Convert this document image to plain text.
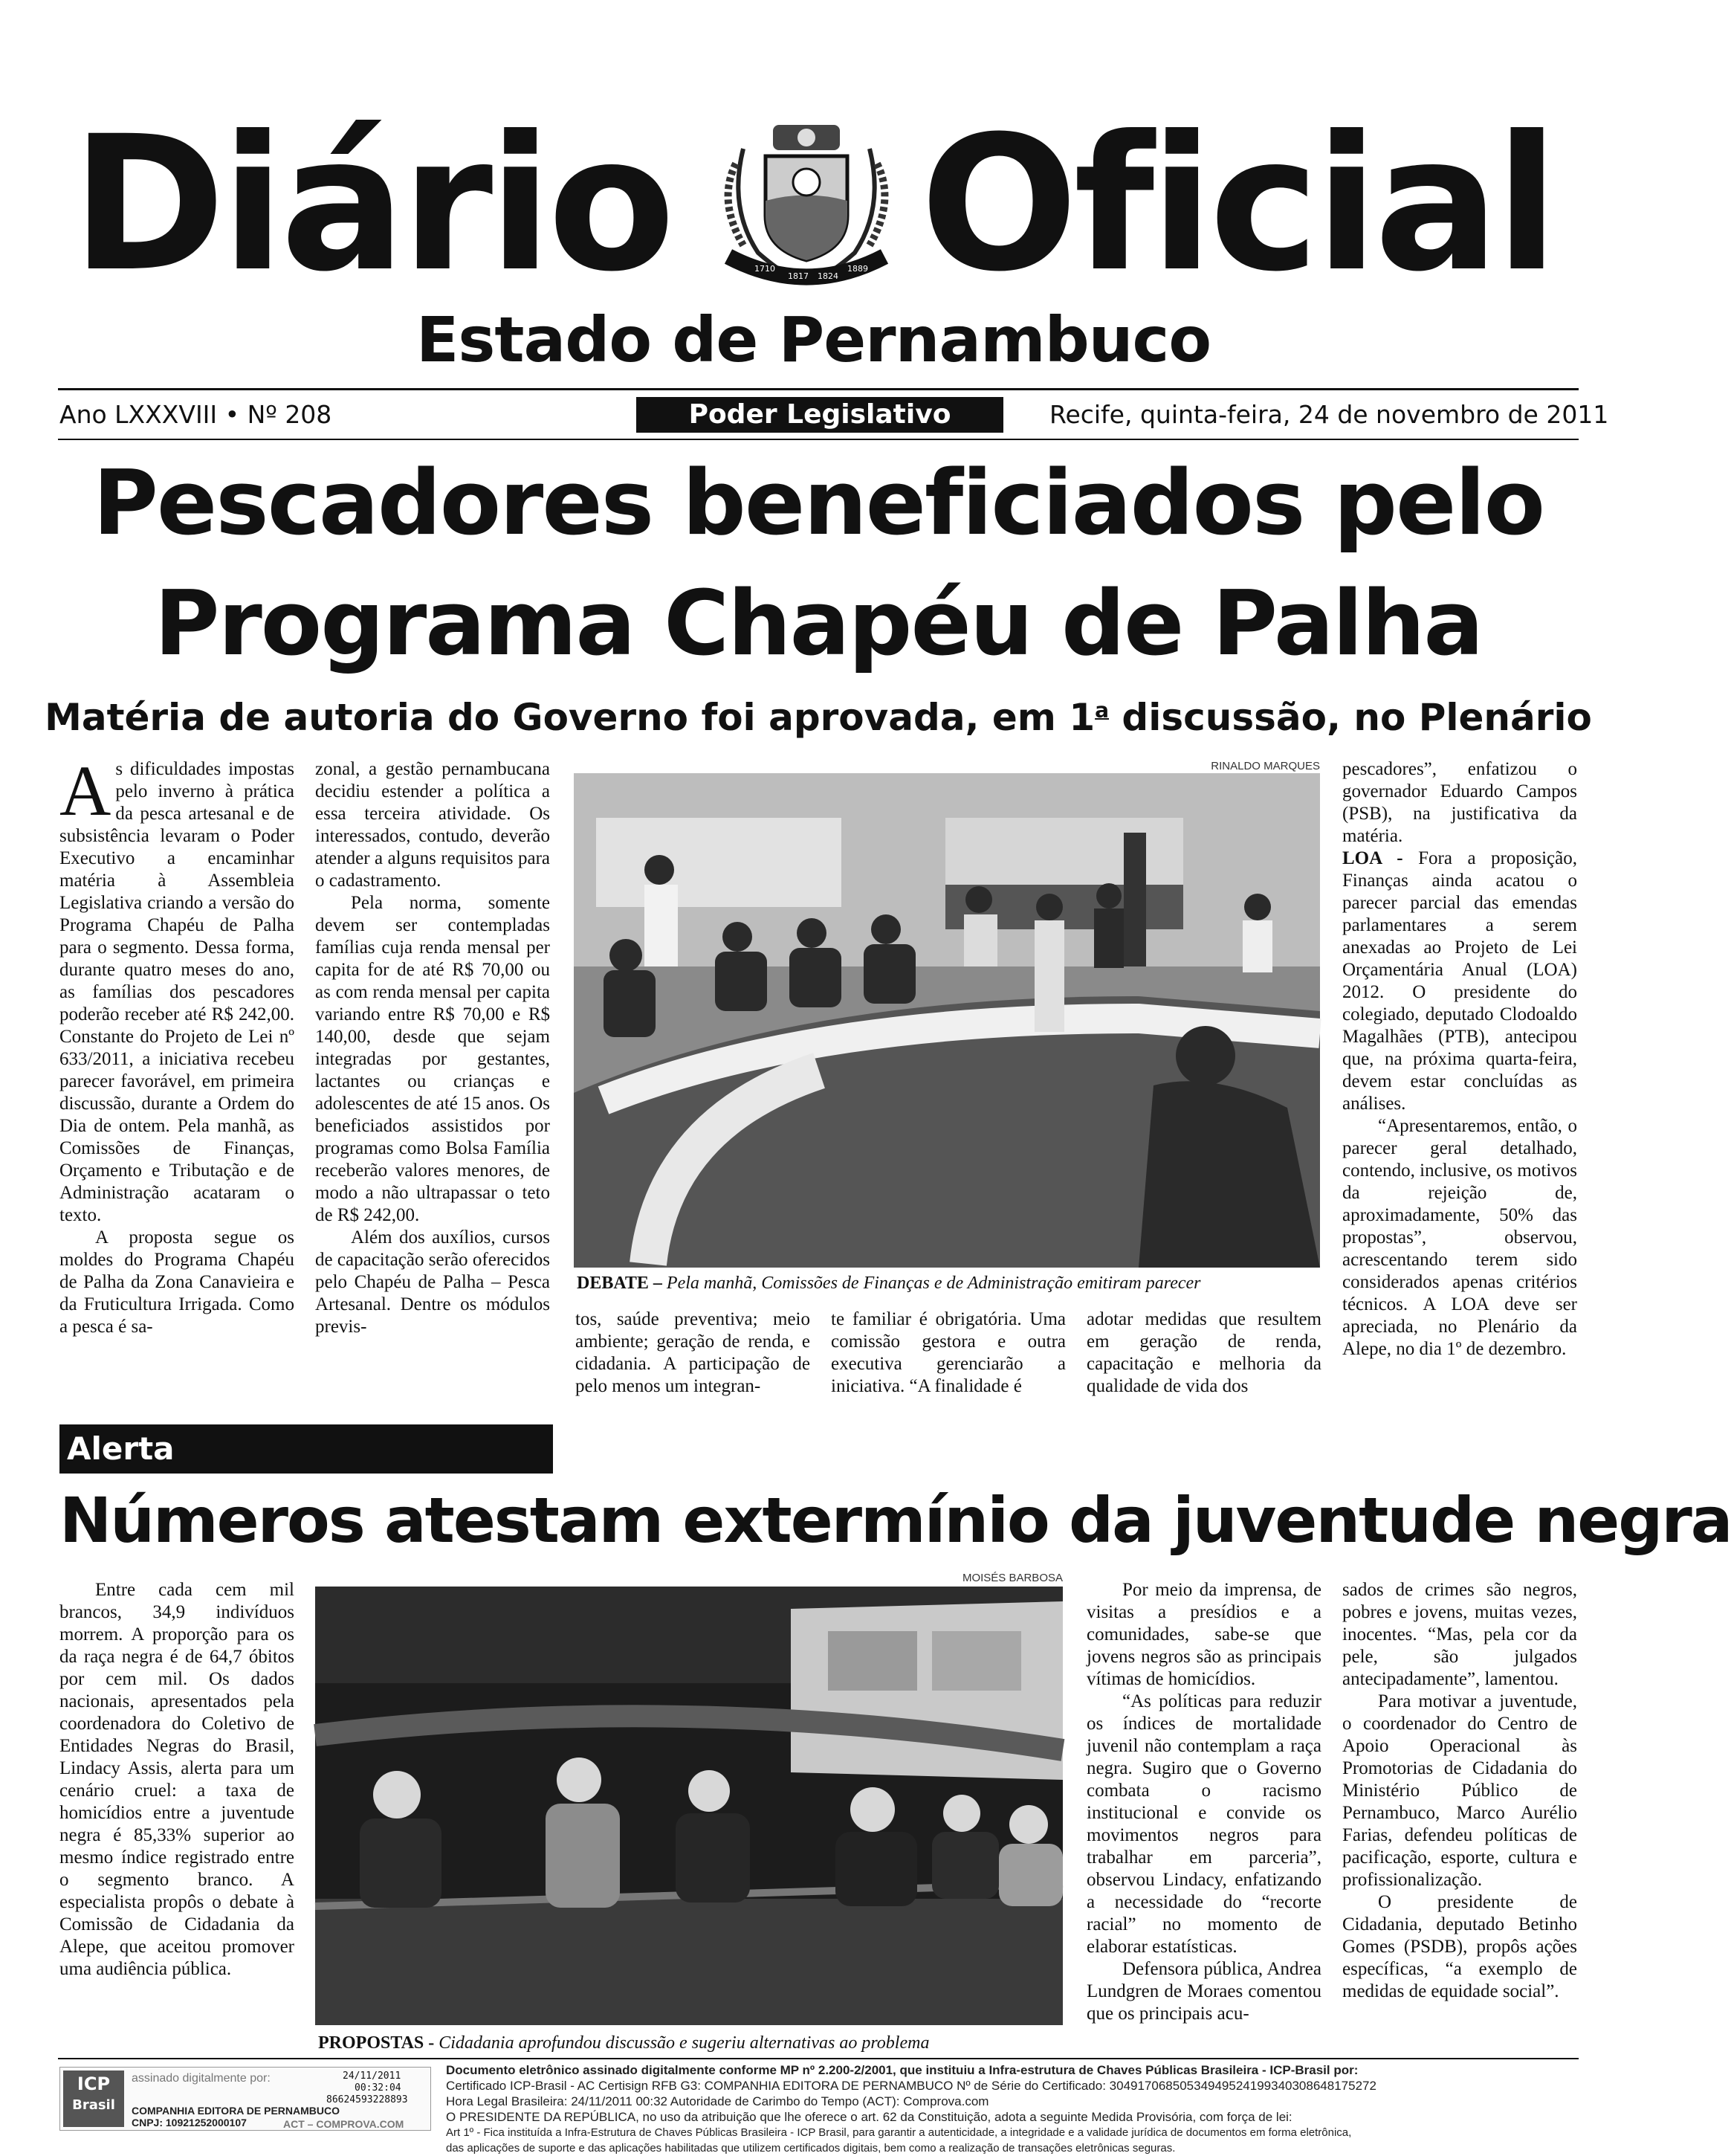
Diário	1710
1817 1824
1889 Oficial
Estado de Pernambuco
Ano LXXXVIII • Nº 208	Poder Legislativo	Recife, quinta-feira, 24 de novembro de 2011
Pescadores beneficiados pelo
Programa Chapéu de Palha
Matéria de autoria do Governo foi aprovada, em 1$^a$ discussão, no Plenário

As dificuldades impostas pelo inverno à prática da pesca artesanal e de subsistência levaram o Poder Executivo a encaminhar matéria à Assembleia Legislativa criando a versão do Programa Chapéu de Palha para o segmento. Dessa forma, durante quatro meses do ano, as famílias dos pescadores poderão receber até R$ 242,00. Constante do Projeto de Lei nº 633/2011, a iniciativa recebeu parecer favorável, em primeira discussão, durante a Ordem do Dia de ontem. Pela manhã, as Comissões de Finanças, Orçamento e Tributação e de Administração acataram o texto.

A proposta segue os moldes do Programa Chapéu de Palha da Zona Canavieira e da Fruticultura Irrigada. Como a pesca é sa-

zonal, a gestão pernambucana decidiu estender a política a essa terceira atividade. Os interessados, contudo, deverão atender a alguns requisitos para o cadastramento.

Pela norma, somente devem ser contempladas famílias cuja renda mensal per capita for de até R$ 70,00 ou as com renda mensal per capita variando entre R$ 70,00 e R$ 140,00, desde que sejam integradas por gestantes, lactantes ou crianças e adolescentes de até 15 anos. Os beneficiados assistidos por programas como Bolsa Família receberão valores menores, de modo a não ultrapassar o teto de R$ 242,00.

Além dos auxílios, cursos de capacitação serão oferecidos pelo Chapéu de Palha – Pesca Artesanal. Dentre os módulos previs-

RINALDO MARQUES
DEBATE – Pela manhã, Comissões de Finanças e de Administração emitiram parecer
tos, saúde preventiva; meio ambiente; geração de renda, e cidadania. A participação de pelo menos um integran-
te familiar é obrigatória. Uma comissão gestora e outra executiva gerenciarão a iniciativa. “A finalidade é
adotar medidas que resultem em geração de renda, capacitação e melhoria da qualidade de vida dos

pescadores”, enfatizou o governador Eduardo Campos (PSB), na justificativa da matéria.

LOA - Fora a proposição, Finanças ainda acatou o parecer parcial das emendas parlamentares a serem anexadas ao Projeto de Lei Orçamentária Anual (LOA) 2012. O presidente do colegiado, deputado Clodoaldo Magalhães (PTB), antecipou que, na próxima quarta-feira, devem estar concluídas as análises.

“Apresentaremos, então, o parecer geral detalhado, contendo, inclusive, os motivos da rejeição de, aproximadamente, 50% das propostas”, observou, acrescentando terem sido considerados apenas critérios técnicos. A LOA deve ser apreciada, no Plenário da Alepe, no dia 1º de dezembro.

Alerta
Números atestam extermínio da juventude negra

Entre cada cem mil brancos, 34,9 indivíduos morrem. A proporção para os da raça negra é de 64,7 óbitos por cem mil. Os dados nacionais, apresentados pela coordenadora do Coletivo de Entidades Negras do Brasil, Lindacy Assis, alerta para um cenário cruel: a taxa de homicídios entre a juventude negra é 85,33% superior ao mesmo índice registrado entre o segmento branco. A especialista propôs o debate à Comissão de Cidadania da Alepe, que aceitou promover uma audiência pública.

MOISÉS BARBOSA
PROPOSTAS - Cidadania aprofundou discussão e sugeriu alternativas ao problema

Por meio da imprensa, de visitas a presídios e a comunidades, sabe-se que jovens negros são as principais vítimas de homicídios.

“As políticas para reduzir os índices de mortalidade juvenil não contemplam a raça negra. Sugiro que o Governo combata o racismo institucional e convide os movimentos negros para trabalhar em parceria”, observou Lindacy, enfatizando a necessidade do “recorte racial” no momento de elaborar estatísticas.

Defensora pública, Andrea Lundgren de Moraes comentou que os principais acu-

sados de crimes são negros, pobres e jovens, muitas vezes, inocentes. “Mas, pela cor da pele, são julgados antecipadamente”, lamentou.

Para motivar a juventude, o coordenador do Centro de Apoio Operacional às Promotorias de Cidadania do Ministério Público de Pernambuco, Marco Aurélio Farias, defendeu políticas de pacificação, esporte, cultura e profissionalização.

O presidente de Cidadania, deputado Betinho Gomes (PSDB), propôs ações específicas, “a exemplo de medidas de equidade social”.

ICP
Brasil
assinado digitalmente por:	24/11/2011
00:32:04
8662459322889З
COMPANHIA EDITORA DE PERNAMBUCO
CNPJ: 10921252000107	ACT – COMPROVA.COM
Documento eletrônico assinado digitalmente conforme MP nº 2.200-2/2001, que instituiu a Infra-estrutura de Chaves Públicas Brasileira - ICP-Brasil por:
Certificado ICP-Brasil - AC Certisign RFB G3: COMPANHIA EDITORA DE PERNAMBUCO Nº de Série do Certificado: 3049170685053494952419934030864817527​2
Hora Legal Brasileira: 24/11/2011 00:32 Autoridade de Carimbo do Tempo (ACT): Comprova.com
O PRESIDENTE DA REPÚBLICA, no uso da atribuição que lhe oferece o art. 62 da Constituição, adota a seguinte Medida Provisória, com força de lei:
Art 1º - Fica instituída a Infra-Estrutura de Chaves Públicas Brasileira - ICP Brasil, para garantir a autenticidade, a integridade e a validade jurídica de documentos em forma eletrônica,
das aplicações de suporte e das aplicações habilitadas que utilizem certificados digitais, bem como a realização de transações eletrônicas seguras.
